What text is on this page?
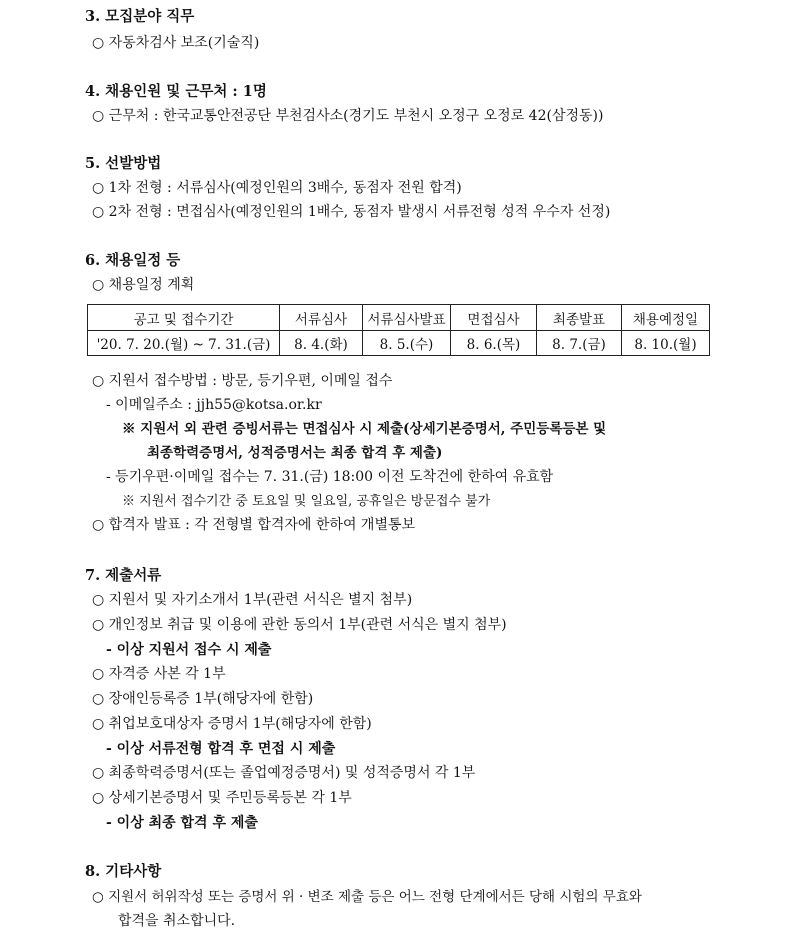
3. 모집분야 직무
○ 자동차검사 보조(기술직)
4. 채용인원 및 근무처 : 1명
○ 근무처 : 한국교통안전공단 부천검사소(경기도 부천시 오정구 오정로 42(삼정동))
5. 선발방법
○ 1차 전형 : 서류심사(예정인원의 3배수, 동점자 전원 합격)
○ 2차 전형 : 면접심사(예정인원의 1배수, 동점자 발생시 서류전형 성적 우수자 선정)
6. 채용일정 등
○ 채용일정 계획
공고 및 접수기간	서류심사	서류심사발표	면접심사	최종발표	채용예정일
'20. 7. 20.(월) ~ 7. 31.(금)	8. 4.(화)	8. 5.(수)	8. 6.(목)	8. 7.(금)	8. 10.(월)
○ 지원서 접수방법 : 방문, 등기우편, 이메일 접수
- 이메일주소 : jjh55@kotsa.or.kr
※ 지원서 외 관련 증빙서류는 면접심사 시 제출(상세기본증명서, 주민등록등본 및
최종학력증명서, 성적증명서는 최종 합격 후 제출)
- 등기우편·이메일 접수는 7. 31.(금) 18:00 이전 도착건에 한하여 유효함
※ 지원서 접수기간 중 토요일 및 일요일, 공휴일은 방문접수 불가
○ 합격자 발표 : 각 전형별 합격자에 한하여 개별통보
7. 제출서류
○ 지원서 및 자기소개서 1부(관련 서식은 별지 첨부)
○ 개인정보 취급 및 이용에 관한 동의서 1부(관련 서식은 별지 첨부)
- 이상 지원서 접수 시 제출
○ 자격증 사본 각 1부
○ 장애인등록증 1부(해당자에 한함)
○ 취업보호대상자 증명서 1부(해당자에 한함)
- 이상 서류전형 합격 후 면접 시 제출
○ 최종학력증명서(또는 졸업예정증명서) 및 성적증명서 각 1부
○ 상세기본증명서 및 주민등록등본 각 1부
- 이상 최종 합격 후 제출
8. 기타사항
○ 지원서 허위작성 또는 증명서 위 · 변조 제출 등은 어느 전형 단계에서든 당해 시험의 무효와
합격을 취소합니다.
